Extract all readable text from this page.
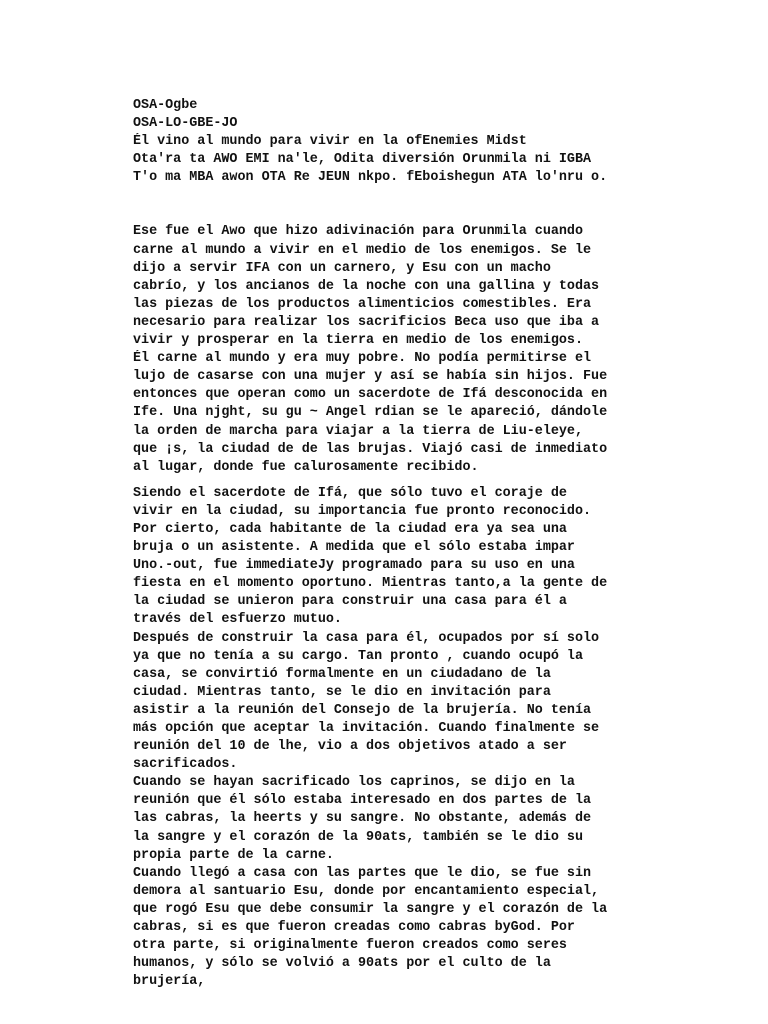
OSA-Ogbe
OSA-LO-GBE-JO
Él vino al mundo para vivir en la ofEnemies Midst
Ota'ra ta AWO EMI na'le, Odita diversión Orunmila ni IGBA
T'o ma MBA awon OTA Re JEUN nkpo. fEboishegun ATA lo'nru o.
Ese fue el Awo que hizo adivinación para Orunmila cuando
carne al mundo a vivir en el medio de los enemigos. Se le
dijo a servir IFA con un carnero, y Esu con un macho
cabrío, y los ancianos de la noche con una gallina y todas
las piezas de los productos alimenticios comestibles. Era
necesario para realizar los sacrificios Beca uso que iba a
vivir y prosperar en la tierra en medio de los enemigos.
Él carne al mundo y era muy pobre. No podía permitirse el
lujo de casarse con una mujer y así se había sin hijos. Fue
entonces que operan como un sacerdote de Ifá desconocida en
Ife. Una njght, su gu ~ Angel rdian se le apareció, dándole
la orden de marcha para viajar a la tierra de Liu-eleye,
que ¡s, la ciudad de de las brujas. Viajó casi de inmediato
al lugar, donde fue calurosamente recibido.
Siendo el sacerdote de Ifá, que sólo tuvo el coraje de
vivir en la ciudad, su importancia fue pronto reconocido.
Por cierto, cada habitante de la ciudad era ya sea una
bruja o un asistente. A medida que el sólo estaba impar
Uno.-out, fue immediateJy programado para su uso en una
fiesta en el momento oportuno. Mientras tanto,a la gente de
la ciudad se unieron para construir una casa para él a
través del esfuerzo mutuo.
Después de construir la casa para él, ocupados por sí solo
ya que no tenía a su cargo. Tan pronto , cuando ocupó la
casa, se convirtió formalmente en un ciudadano de la
ciudad. Mientras tanto, se le dio en invitación para
asistir a la reunión del Consejo de la brujería. No tenía
más opción que aceptar la invitación. Cuando finalmente se
reunión del 10 de lhe, vio a dos objetivos atado a ser
sacrificados.
Cuando se hayan sacrificado los caprinos, se dijo en la
reunión que él sólo estaba interesado en dos partes de la
las cabras, la heerts y su sangre. No obstante, además de
la sangre y el corazón de la 90ats, también se le dio su
propia parte de la carne.
Cuando llegó a casa con las partes que le dio, se fue sin
demora al santuario Esu, donde por encantamiento especial,
que rogó Esu que debe consumir la sangre y el corazón de la
cabras, si es que fueron creadas como cabras byGod. Por
otra parte, si originalmente fueron creados como seres
humanos, y sólo se volvió a 90ats por el culto de la
brujería,
